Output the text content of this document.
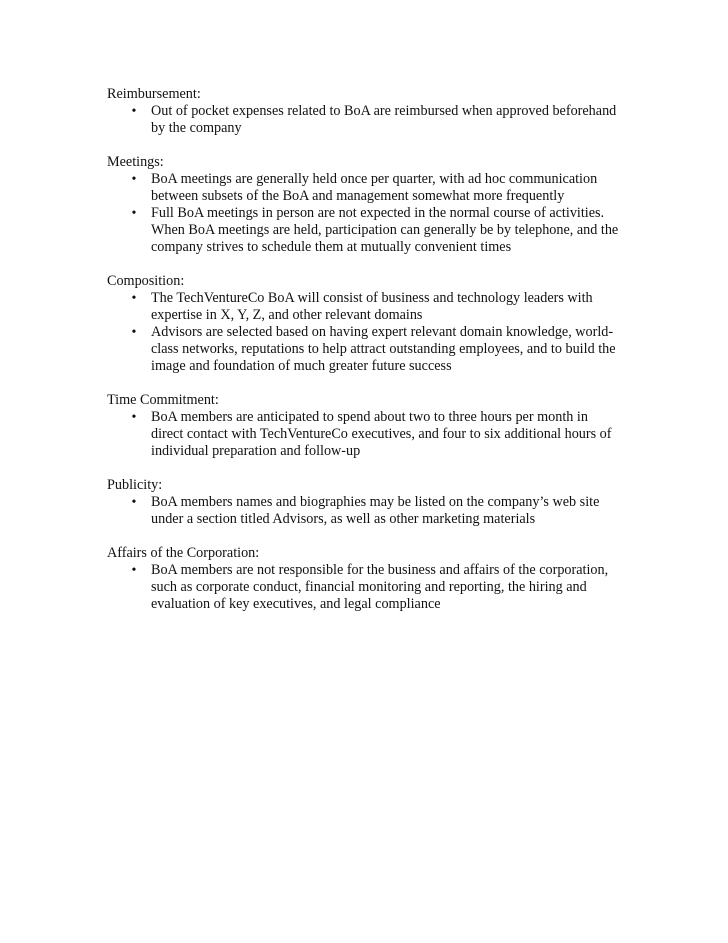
Reimbursement:

• Out of pocket expenses related to BoA are reimbursed when approved beforehand by the company

Meetings:

• BoA meetings are generally held once per quarter, with ad hoc communication between subsets of the BoA and management somewhat more frequently
• Full BoA meetings in person are not expected in the normal course of activities. When BoA meetings are held, participation can generally be by telephone, and the company strives to schedule them at mutually convenient times

Composition:

• The TechVentureCo BoA will consist of business and technology leaders with expertise in X, Y, Z, and other relevant domains
• Advisors are selected based on having expert relevant domain knowledge, world-class networks, reputations to help attract outstanding employees, and to build the image and foundation of much greater future success

Time Commitment:

• BoA members are anticipated to spend about two to three hours per month in direct contact with TechVentureCo executives, and four to six additional hours of individual preparation and follow-up

Publicity:

• BoA members names and biographies may be listed on the company’s web site under a section titled Advisors, as well as other marketing materials

Affairs of the Corporation:

• BoA members are not responsible for the business and affairs of the corporation, such as corporate conduct, financial monitoring and reporting, the hiring and evaluation of key executives, and legal compliance
